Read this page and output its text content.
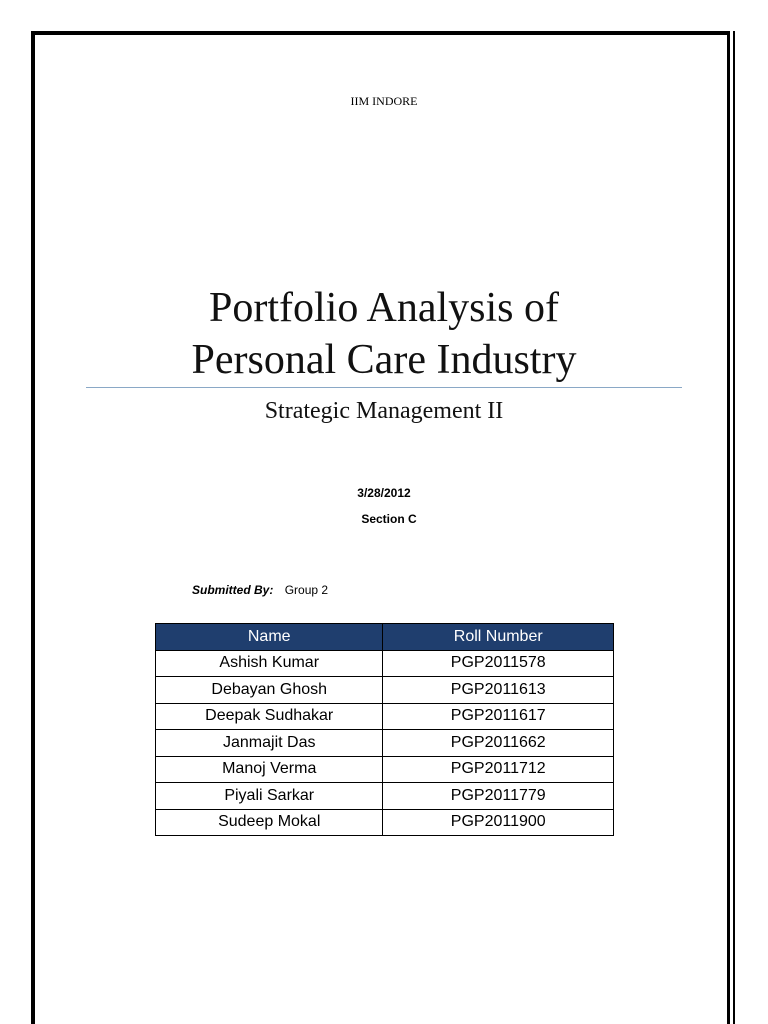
IIM INDORE
Portfolio Analysis of
Personal Care Industry
Strategic Management II
3/28/2012
Section C
Submitted By: Group 2
Name	Roll Number
Ashish Kumar	PGP2011578
Debayan Ghosh	PGP2011613
Deepak Sudhakar	PGP2011617
Janmajit Das	PGP2011662
Manoj Verma	PGP2011712
Piyali Sarkar	PGP2011779
Sudeep Mokal	PGP2011900
